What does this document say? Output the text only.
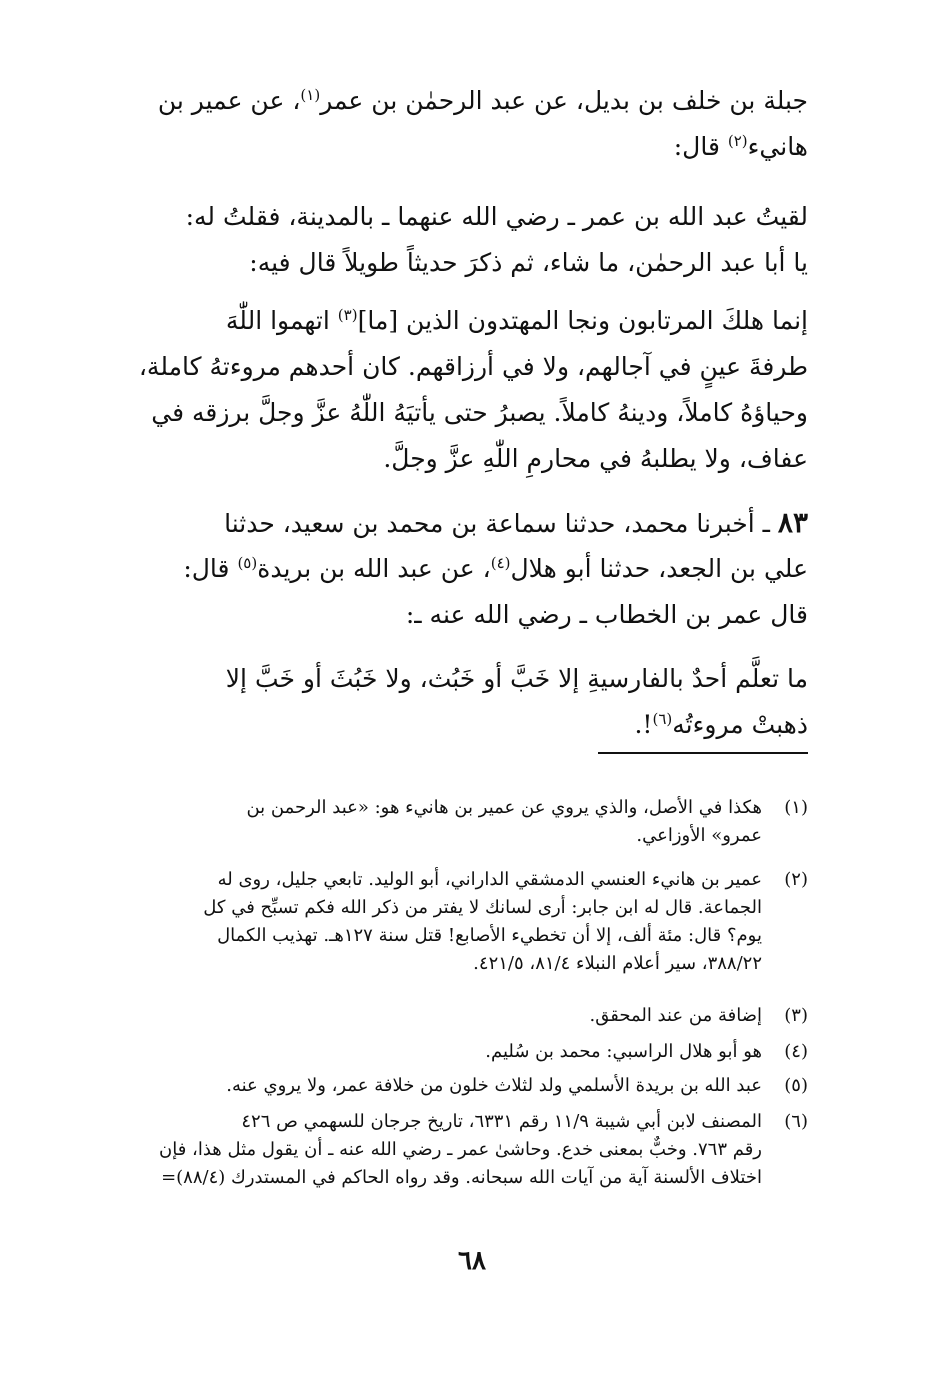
جبلة بن خلف بن بديل، عن عبد الرحمٰن بن عمر$^{(١)}$، عن عمير بن
هانيء$^{(٢)}$ قال:
لقيتُ عبد الله بن عمر ـ رضي الله عنهما ـ بالمدينة، فقلتُ له:
يا أبا عبد الرحمٰن، ما شاء، ثم ذكرَ حديثاً طويلاً قال فيه:
إنما هلكَ المرتابون ونجا المهتدون الذين [ما]$^{(٣)}$ اتهموا اللّٰهَ
طرفةَ عينٍ في آجالهم، ولا في أرزاقهم. كان أحدهم مروءتهُ كاملة،
وحياؤهُ كاملاً، ودينهُ كاملاً. يصبرُ حتى يأتيَهُ اللّٰهُ عزَّ وجلَّ برزقه في
عفاف، ولا يطلبهُ في محارمِ اللّٰهِ عزَّ وجلَّ.
٨٣ ـ أخبرنا محمد، حدثنا سماعة بن محمد بن سعيد، حدثنا
علي بن الجعد، حدثنا أبو هلال$^{(٤)}$، عن عبد الله بن بريدة$^{(٥)}$ قال:
قال عمر بن الخطاب ـ رضي الله عنه ـ:
ما تعلَّم أحدٌ بالفارسيةِ إلا خَبَّ أو خَبُث، ولا خَبُثَ أو خَبَّ إلا
ذهبتْ مروءتُه$^{(٦)}$!.
(١)
هكذا في الأصل، والذي يروي عن عمير بن هانيء هو: «عبد الرحمن بن
عمرو» الأوزاعي.
(٢)
عمير بن هانيء العنسي الدمشقي الداراني، أبو الوليد. تابعي جليل، روى له
الجماعة. قال له ابن جابر: أرى لسانك لا يفتر من ذكر الله فكم تسبِّح في كل
يوم؟ قال: مئة ألف، إلا أن تخطيء الأصابع! قتل سنة ١٢٧هـ. تهذيب الكمال
٣٨٨/٢٢، سير أعلام النبلاء ٨١/٤، ٤٢١/٥.
(٣)
إضافة من عند المحقق.
(٤)
هو أبو هلال الراسبي: محمد بن سُليم.
(٥)
عبد الله بن بريدة الأسلمي ولد لثلاث خلون من خلافة عمر، ولا يروي عنه.
(٦)
المصنف لابن أبي شيبة ١١/٩ رقم ٦٣٣١، تاريخ جرجان للسهمي ص ٤٢٦
رقم ٧٦٣. وخبٌّ بمعنى خدع. وحاشىٰ عمر ـ رضي الله عنه ـ أن يقول مثل هذا، فإن
اختلاف الألسنة آية من آيات الله سبحانه. وقد رواه الحاكم في المستدرك (٨٨/٤)=
٦٨
